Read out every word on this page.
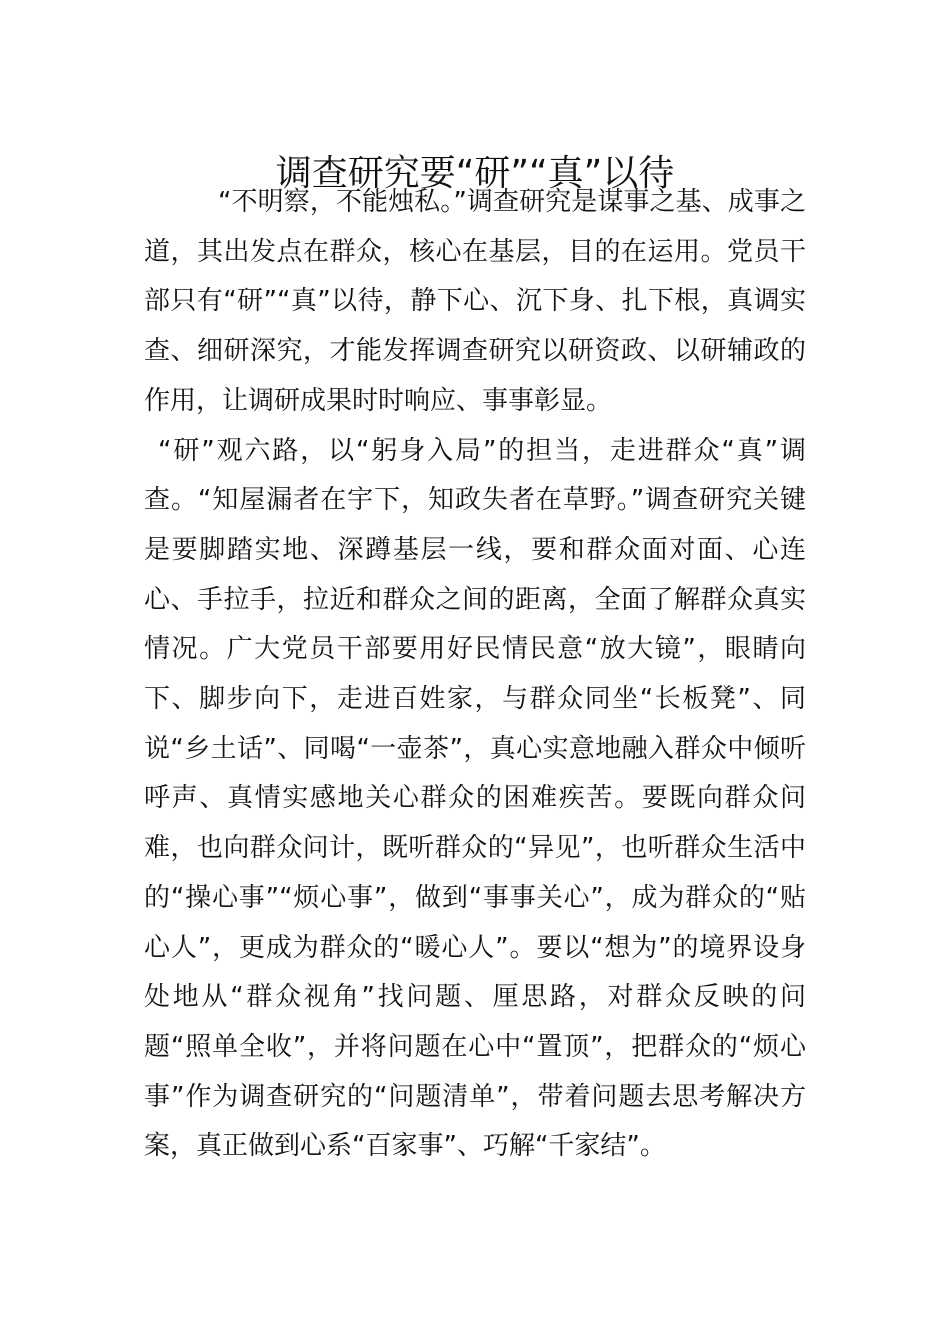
调查研究要“研”“真”以待

“不明察，不能烛私。”调查研究是谋事之基、成事之道，其出发点在群众，核心在基层，目的在运用。党员干部只有“研”“真”以待，静下心、沉下身、扎下根，真调实查、细研深究，才能发挥调查研究以研资政、以研辅政的作用，让调研成果时时响应、事事彰显。

“研”观六路，以“躬身入局”的担当，走进群众“真”调查。“知屋漏者在宇下，知政失者在草野。”调查研究关键是要脚踏实地、深蹲基层一线，要和群众面对面、心连心、手拉手，拉近和群众之间的距离，全面了解群众真实情况。广大党员干部要用好民情民意“放大镜”，眼睛向下、脚步向下，走进百姓家，与群众同坐“长板凳”、同说“乡土话”、同喝“一壶茶”，真心实意地融入群众中倾听呼声、真情实感地关心群众的困难疾苦。要既向群众问难，也向群众问计，既听群众的“异见”，也听群众生活中的“操心事”“烦心事”，做到“事事关心”，成为群众的“贴心人”，更成为群众的“暖心人”。要以“想为”的境界设身处地从“群众视角”找问题、厘思路，对群众反映的问题“照单全收”，并将问题在心中“置顶”，把群众的“烦心事”作为调查研究的“问题清单”，带着问题去思考解决方案，真正做到心系“百家事”、巧解“千家结”。
